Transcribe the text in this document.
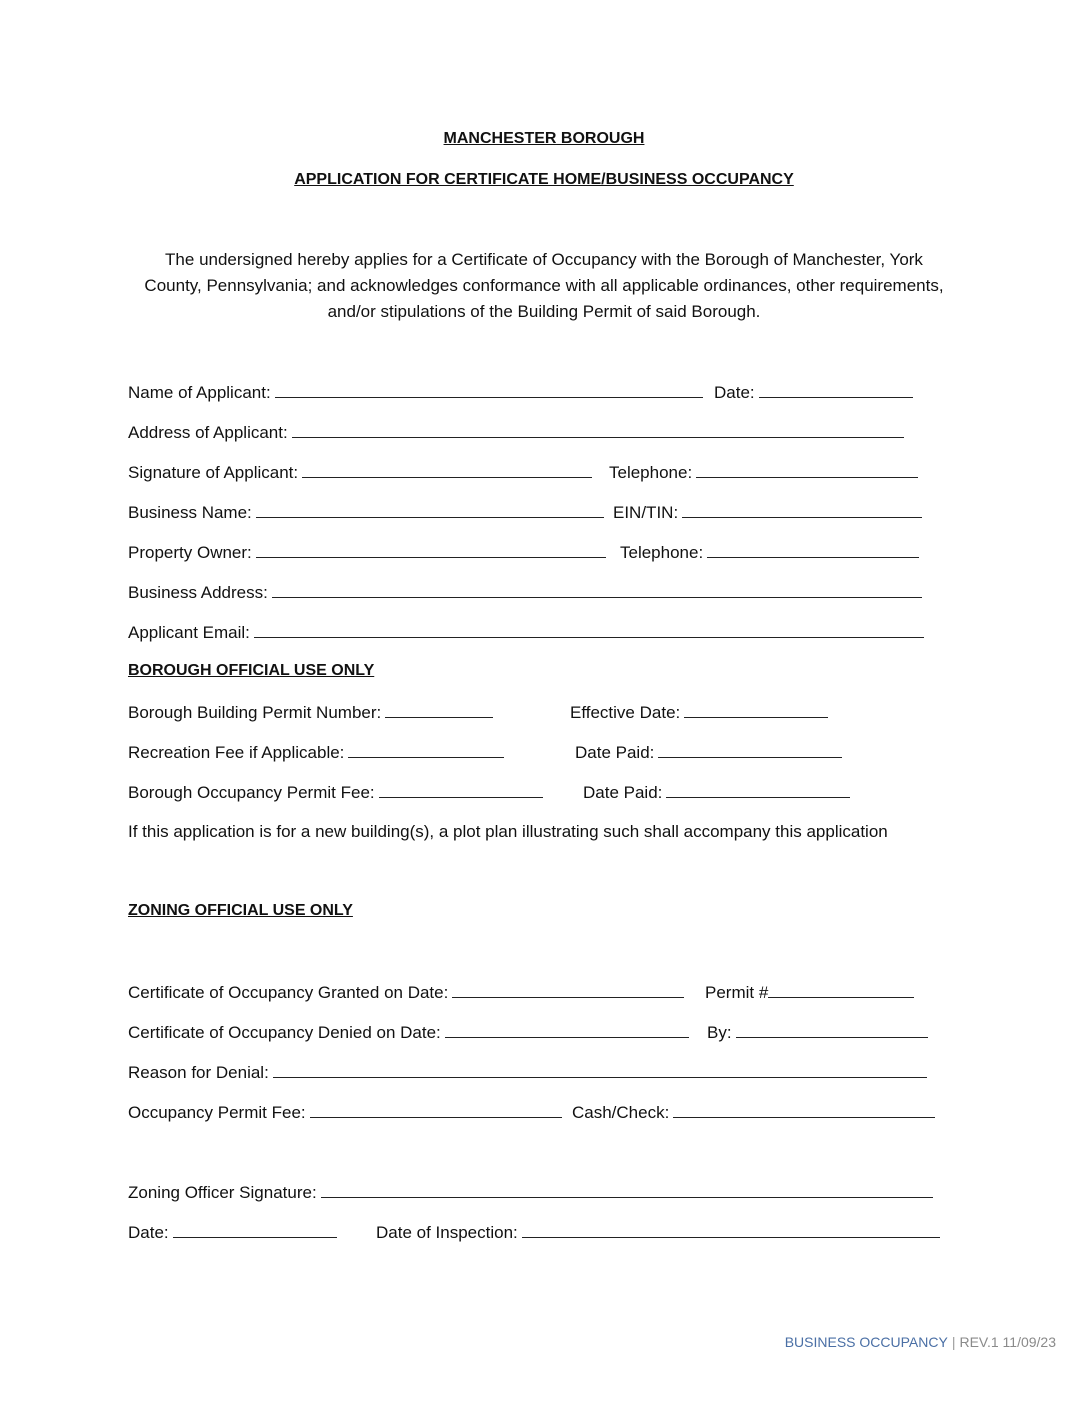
MANCHESTER BOROUGH
APPLICATION FOR CERTIFICATE HOME/BUSINESS OCCUPANCY
The undersigned hereby applies for a Certificate of Occupancy with the Borough of Manchester, York County, Pennsylvania; and acknowledges conformance with all applicable ordinances, other requirements, and/or stipulations of the Building Permit of said Borough.
Name of Applicant:	Date:
Address of Applicant:
Signature of Applicant:	Telephone:
Business Name:	EIN/TIN:
Property Owner:	Telephone:
Business Address:
Applicant Email:
BOROUGH OFFICIAL USE ONLY
Borough Building Permit Number:	Effective Date:
Recreation Fee if Applicable:	Date Paid:
Borough Occupancy Permit Fee:	Date Paid:
If this application is for a new building(s), a plot plan illustrating such shall accompany this application
ZONING OFFICIAL USE ONLY
Certificate of Occupancy Granted on Date:	Permit #
Certificate of Occupancy Denied on Date:	By:
Reason for Denial:
Occupancy Permit Fee:	Cash/Check:
Zoning Officer Signature:
Date:	Date of Inspection:
BUSINESS OCCUPANCY | REV.1 11/09/23
